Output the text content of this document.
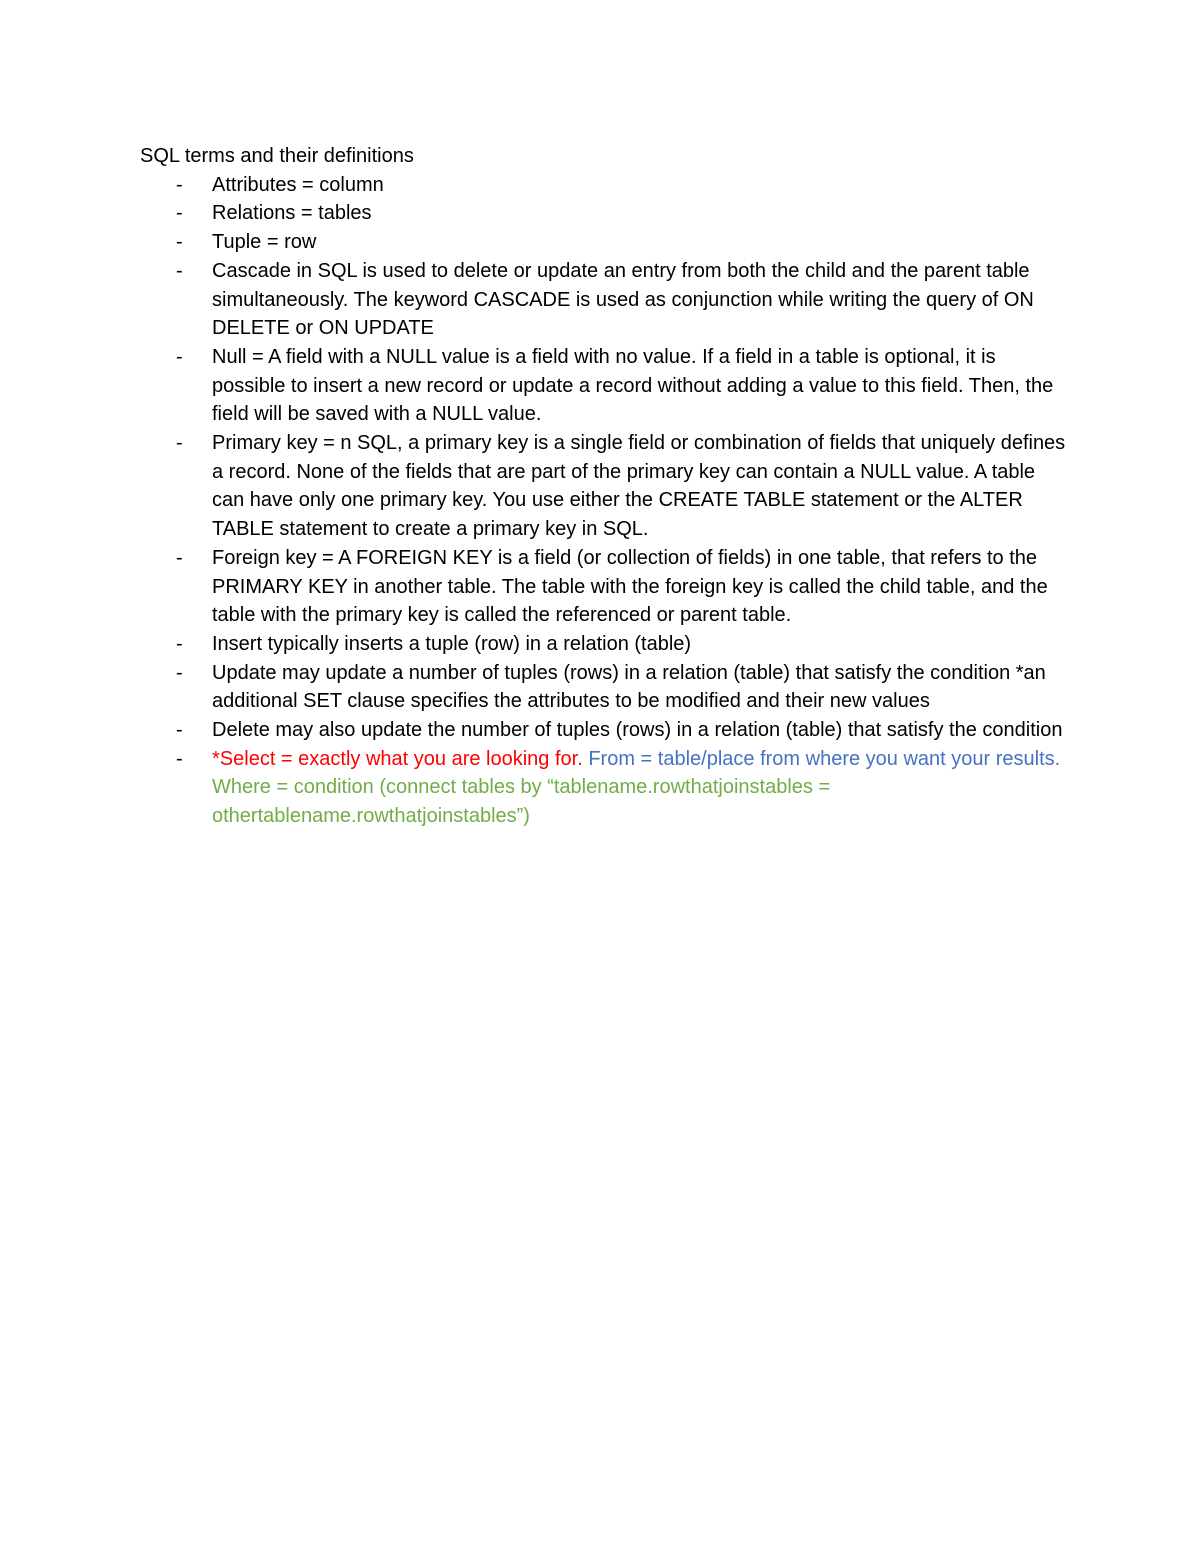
SQL terms and their definitions

- Attributes = column
- Relations = tables
- Tuple = row
- Cascade in SQL is used to delete or update an entry from both the child and the parent table simultaneously. The keyword CASCADE is used as conjunction while writing the query of ON DELETE or ON UPDATE
- Null = A field with a NULL value is a field with no value. If a field in a table is optional, it is possible to insert a new record or update a record without adding a value to this field. Then, the field will be saved with a NULL value.
- Primary key = n SQL, a primary key is a single field or combination of fields that uniquely defines a record. None of the fields that are part of the primary key can contain a NULL value. A table can have only one primary key. You use either the CREATE TABLE statement or the ALTER TABLE statement to create a primary key in SQL.
- Foreign key = A FOREIGN KEY is a field (or collection of fields) in one table, that refers to the PRIMARY KEY in another table. The table with the foreign key is called the child table, and the table with the primary key is called the referenced or parent table.
- Insert typically inserts a tuple (row) in a relation (table)
- Update may update a number of tuples (rows) in a relation (table) that satisfy the condition *an additional SET clause specifies the attributes to be modified and their new values
- Delete may also update the number of tuples (rows) in a relation (table) that satisfy the condition
- *Select = exactly what you are looking for. From = table/place from where you want your results. Where = condition (connect tables by “tablename.rowthatjoinstables = othertablename.rowthatjoinstables”)
